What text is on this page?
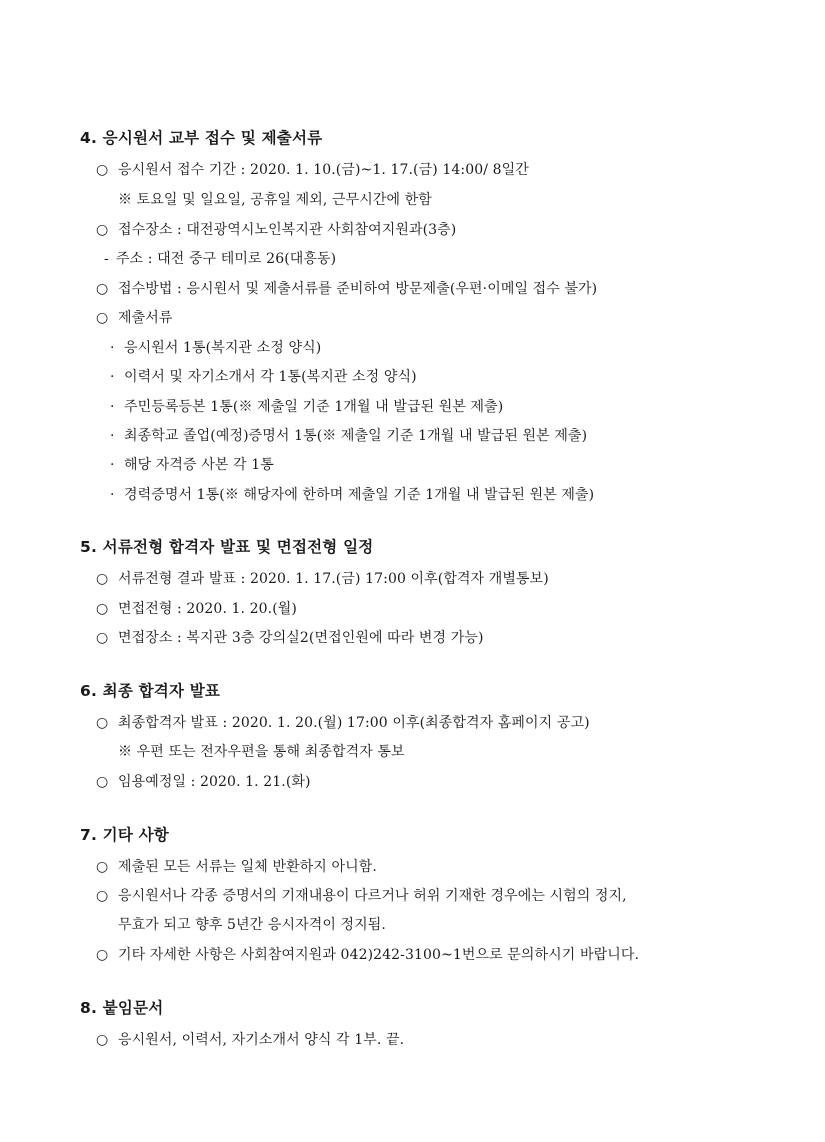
4. 응시원서 교부 접수 및 제출서류
○ 응시원서 접수 기간 : 2020. 1. 10.(금)~1. 17.(금) 14:00/ 8일간
※ 토요일 및 일요일, 공휴일 제외, 근무시간에 한함
○ 접수장소 : 대전광역시노인복지관 사회참여지원과(3층)
- 주소 : 대전 중구 테미로 26(대흥동)
○ 접수방법 : 응시원서 및 제출서류를 준비하여 방문제출(우편·이메일 접수 불가)
○ 제출서류
· 응시원서 1통(복지관 소정 양식)
· 이력서 및 자기소개서 각 1통(복지관 소정 양식)
· 주민등록등본 1통(※ 제출일 기준 1개월 내 발급된 원본 제출)
· 최종학교 졸업(예정)증명서 1통(※ 제출일 기준 1개월 내 발급된 원본 제출)
· 해당 자격증 사본 각 1통
· 경력증명서 1통(※ 해당자에 한하며 제출일 기준 1개월 내 발급된 원본 제출)
5. 서류전형 합격자 발표 및 면접전형 일정
○ 서류전형 결과 발표 : 2020. 1. 17.(금) 17:00 이후(합격자 개별통보)
○ 면접전형 : 2020. 1. 20.(월)
○ 면접장소 : 복지관 3층 강의실2(면접인원에 따라 변경 가능)
6. 최종 합격자 발표
○ 최종합격자 발표 : 2020. 1. 20.(월) 17:00 이후(최종합격자 홈페이지 공고)
※ 우편 또는 전자우편을 통해 최종합격자 통보
○ 임용예정일 : 2020. 1. 21.(화)
7. 기타 사항
○ 제출된 모든 서류는 일체 반환하지 아니함.
○ 응시원서나 각종 증명서의 기재내용이 다르거나 허위 기재한 경우에는 시험의 정지,
무효가 되고 향후 5년간 응시자격이 정지됨.
○ 기타 자세한 사항은 사회참여지원과 042)242-3100~1번으로 문의하시기 바랍니다.
8. 붙임문서
○ 응시원서, 이력서, 자기소개서 양식 각 1부. 끝.
